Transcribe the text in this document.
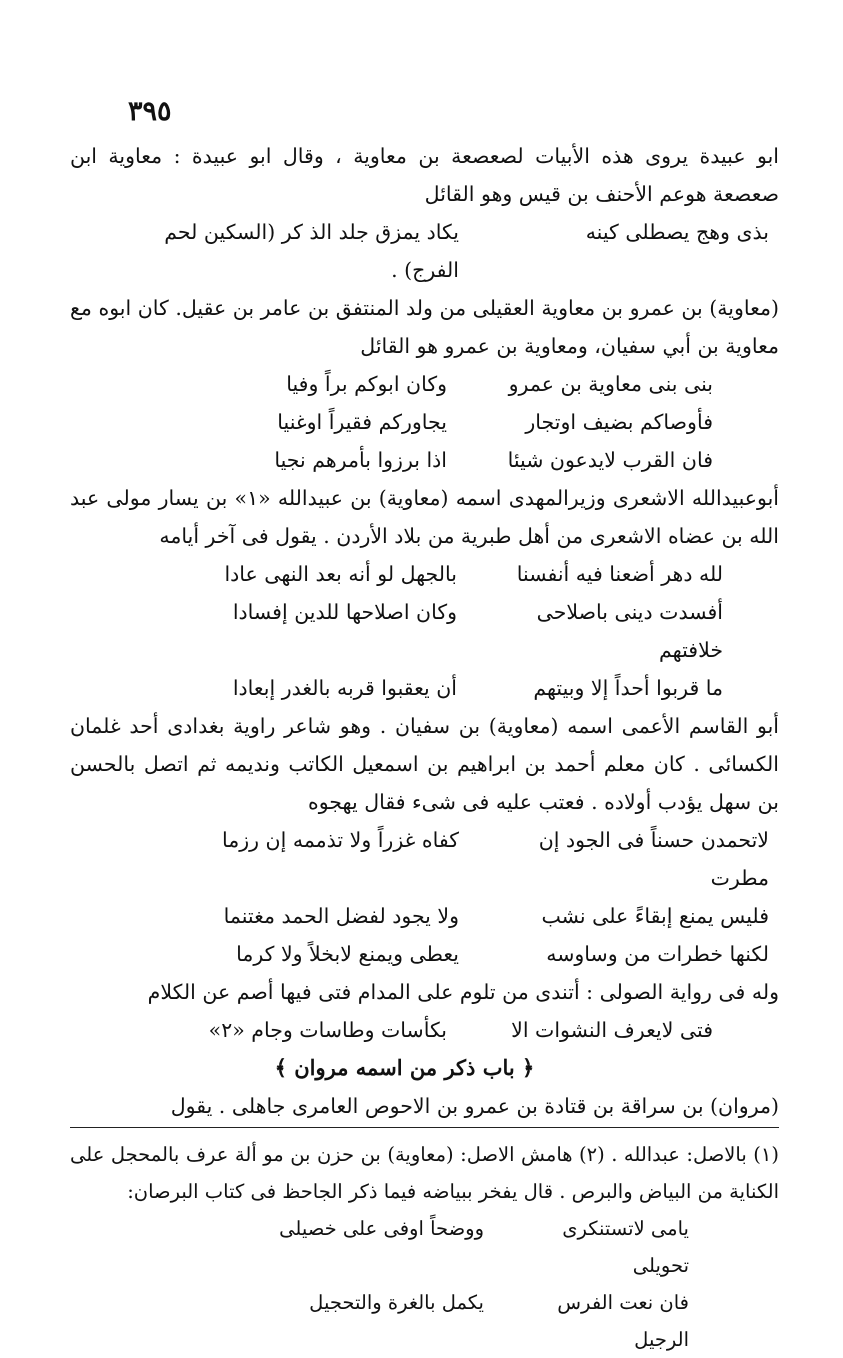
٣٩٥

ابو عبيدة يروى هذه الأبيات لصعصعة بن معاوية ، وقال ابو عبيدة : معاوية ابن صعصعة هوعم الأحنف بن قيس وهو القائل

بذى وهج يصطلى كينه
يكاد يمزق جلد الذ كر (السكين لحم الفرج) .

(معاوية) بن عمرو بن معاوية العقيلى من ولد المنتفق بن عامر بن عقيل. كان ابوه مع معاوية بن أبي سفيان، ومعاوية بن عمرو هو القائل

بنى بنى معاوية بن عمرو
وكان ابوكم براً وفيا
فأوصاكم بضيف اوتجار
يجاوركم فقيراً اوغنيا
فان القرب لايدعون شيئا
اذا برزوا بأمرهم نجيا

أبوعبيدالله الاشعرى وزيرالمهدى اسمه (معاوية) بن عبيدالله «١» بن يسار مولى عبد الله بن عضاه الاشعرى من أهل طبرية من بلاد الأردن . يقول فى آخر أيامه

لله دهر أضعنا فيه أنفسنا
بالجهل لو أنه بعد النهى عادا
أفسدت دينى باصلاحى خلافتهم
وكان اصلاحها للدين إفسادا
ما قربوا أحداً إلا وبيتهم
أن يعقبوا قربه بالغدر إبعادا

أبو القاسم الأعمى اسمه (معاوية) بن سفيان . وهو شاعر راوية بغدادى أحد غلمان الكسائى . كان معلم أحمد بن ابراهيم بن اسمعيل الكاتب ونديمه ثم اتصل بالحسن بن سهل يؤدب أولاده . فعتب عليه فى شىء فقال يهجوه

لاتحمدن حسناً فى الجود إن مطرت
كفاه غزراً ولا تذممه إن رزما
فليس يمنع إبقاءً على نشب
ولا يجود لفضل الحمد مغتنما
لكنها خطرات من وساوسه
يعطى ويمنع لابخلاً ولا كرما

وله فى رواية الصولى : أتندى من تلوم على المدام فتى فيها أصم عن الكلام

فتى لايعرف النشوات الا
بكأسات وطاسات وجام «٢»
﴿ باب ذكر من اسمه مروان ﴾

(مروان) بن سراقة بن قتادة بن عمرو بن الاحوص العامرى جاهلى . يقول

(١) بالاصل: عبدالله . (٢) هامش الاصل: (معاوية) بن حزن بن مو ألة عرف بالمحجل على الكناية من البياض والبرص . قال يفخر ببياضه فيما ذكر الجاحظ فى كتاب البرصان:

يامى لاتستنكرى تحويلى
ووضحاً اوفى على خصيلى
فان نعت الفرس الرجيل
يكمل بالغرة والتحجيل
